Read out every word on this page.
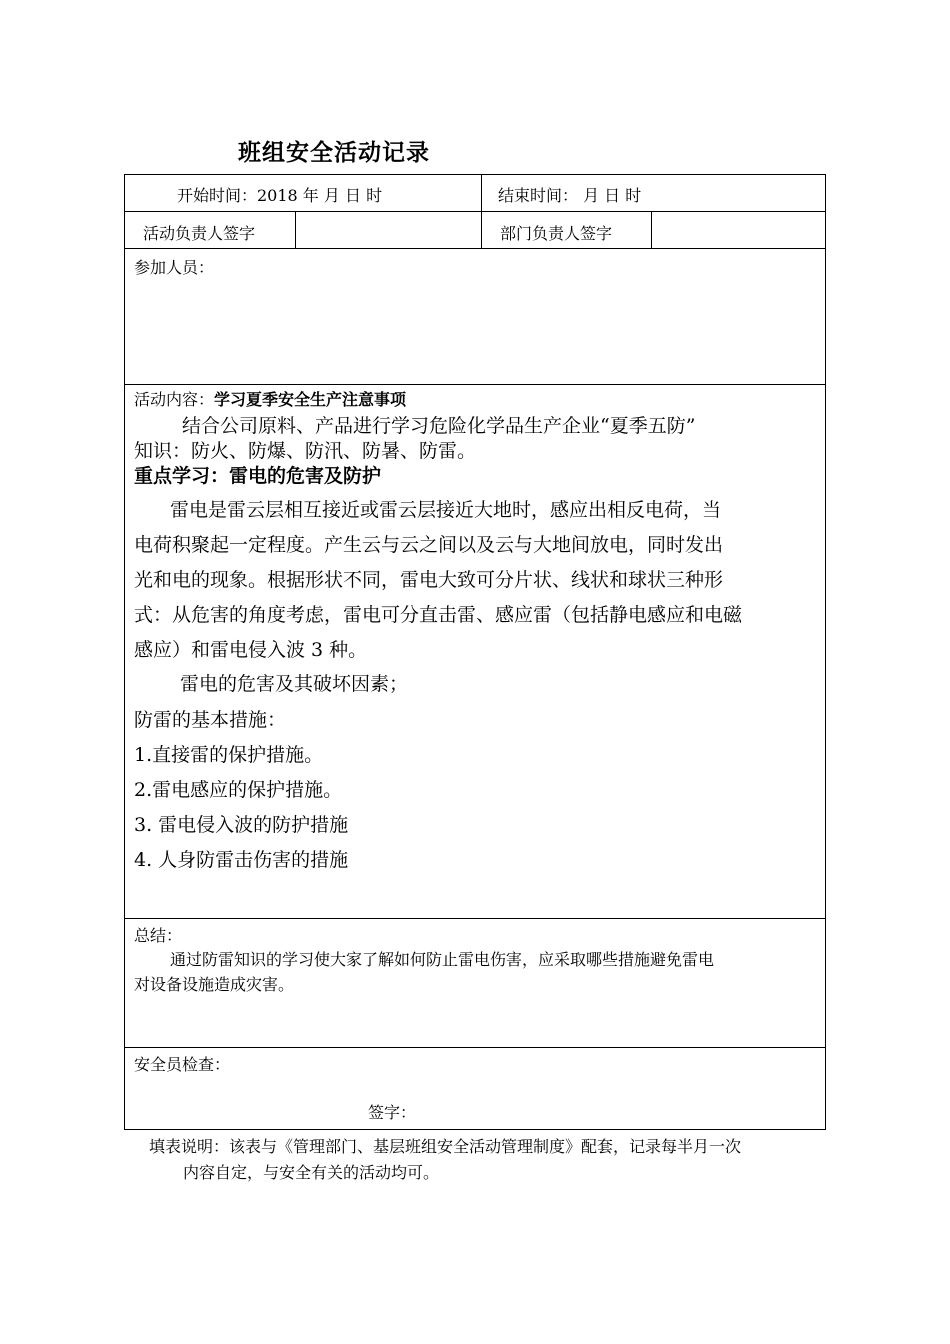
班组安全活动记录
开始时间：2018 年 月 日 时	结束时间： 月 日 时
活动负责人签字	部门负责人签字
参加人员：
活动内容：学习夏季安全生产注意事项
结合公司原料、产品进行学习危险化学品生产企业“夏季五防”
知识：防火、防爆、防汛、防暑、防雷。
重点学习：雷电的危害及防护
雷电是雷云层相互接近或雷云层接近大地时，感应出相反电荷，当
电荷积聚起一定程度。产生云与云之间以及云与大地间放电，同时发出
光和电的现象。根据形状不同，雷电大致可分片状、线状和球状三种形
式：从危害的角度考虑，雷电可分直击雷、感应雷（包括静电感应和电磁
感应）和雷电侵入波 3 种。
雷电的危害及其破坏因素；
防雷的基本措施：
1.直接雷的保护措施。
2.雷电感应的保护措施。
3. 雷电侵入波的防护措施
4. 人身防雷击伤害的措施
总结：
通过防雷知识的学习使大家了解如何防止雷电伤害，应采取哪些措施避免雷电
对设备设施造成灾害。
安全员检查：
签字：
填表说明：该表与《管理部门、基层班组安全活动管理制度》配套，记录每半月一次
内容自定，与安全有关的活动均可。
